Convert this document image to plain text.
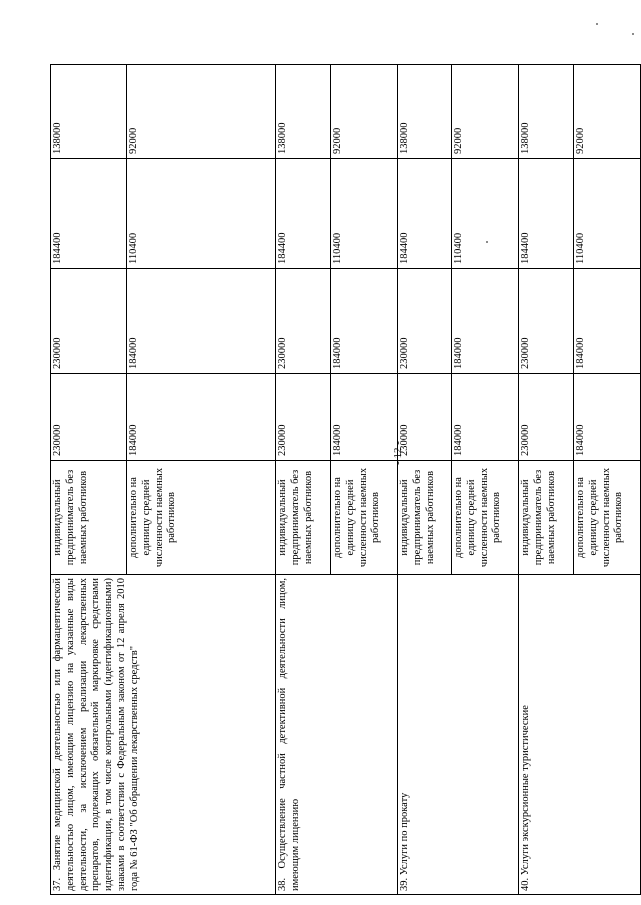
- 12 -
37. Занятие медицинской деятельностью или фармацевтической деятельностью лицом, имеющим лицензию на указанные виды деятельности, за исключением реализации лекарственных препаратов, подлежащих обязательной маркировке средствами идентификации, в том числе контрольными (идентификационными) знаками в соответствии с Федеральным законом от 12 апреля 2010 года № 61-ФЗ "Об обращении лекарственных средств"	индивидуальный предприниматель без наемных работников	230000	230000	184400	138000
	дополнительно на единицу средней численности наемных работников	184000	184000	110400	92000
38. Осуществление частной детективной деятельности лицом, имеющим лицензию	индивидуальный предприниматель без наемных работников	230000	230000	184400	138000
	дополнительно на единицу средней численности наемных работников	184000	184000	110400	92000
39. Услуги по прокату	индивидуальный предприниматель без наемных работников	230000	230000	184400	138000
	дополнительно на единицу средней численности наемных работников	184000	184000	110400	92000
40. Услуги экскурсионные туристические	индивидуальный предприниматель без наемных работников	230000	230000	184400	138000
	дополнительно на единицу средней численности наемных работников	184000	184000	110400	92000
